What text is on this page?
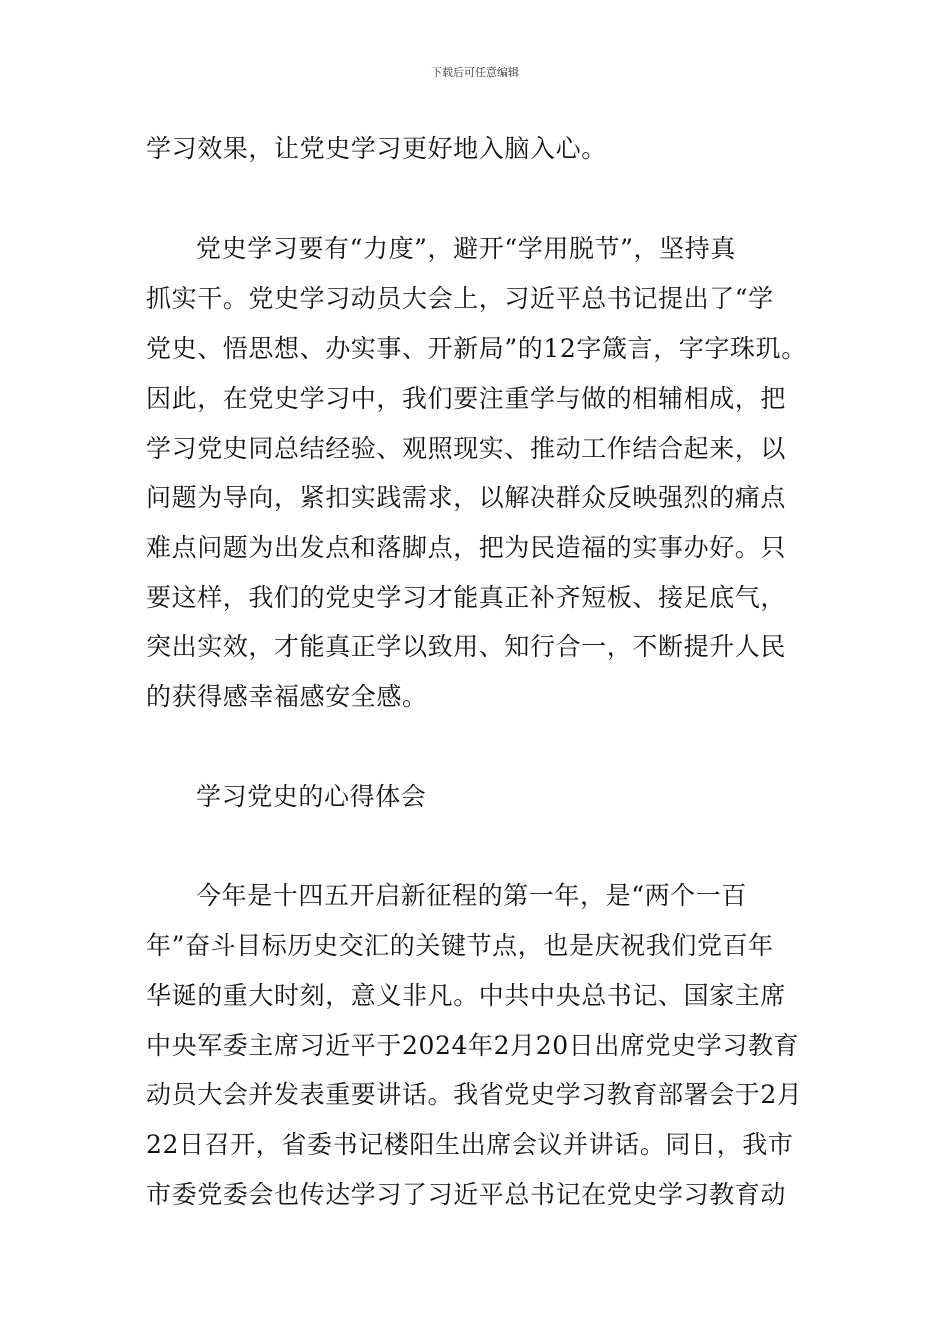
下载后可任意编辑
学习效果，让党史学习更好地入脑入心。
党史学习要有“力度”，避开“学用脱节”，坚持真
抓实干。党史学习动员大会上，习近平总书记提出了“学
党史、悟思想、办实事、开新局”的12字箴言，字字珠玑。
因此，在党史学习中，我们要注重学与做的相辅相成，把
学习党史同总结经验、观照现实、推动工作结合起来，以
问题为导向，紧扣实践需求，以解决群众反映强烈的痛点
难点问题为出发点和落脚点，把为民造福的实事办好。只
要这样，我们的党史学习才能真正补齐短板、接足底气，
突出实效，才能真正学以致用、知行合一，不断提升人民
的获得感幸福感安全感。
学习党史的心得体会
今年是十四五开启新征程的第一年，是“两个一百
年”奋斗目标历史交汇的关键节点，也是庆祝我们党百年
华诞的重大时刻，意义非凡。中共中央总书记、国家主席
中央军委主席习近平于2024年2月20日出席党史学习教育
动员大会并发表重要讲话。我省党史学习教育部署会于2月
22日召开，省委书记楼阳生出席会议并讲话。同日，我市
市委党委会也传达学习了习近平总书记在党史学习教育动
